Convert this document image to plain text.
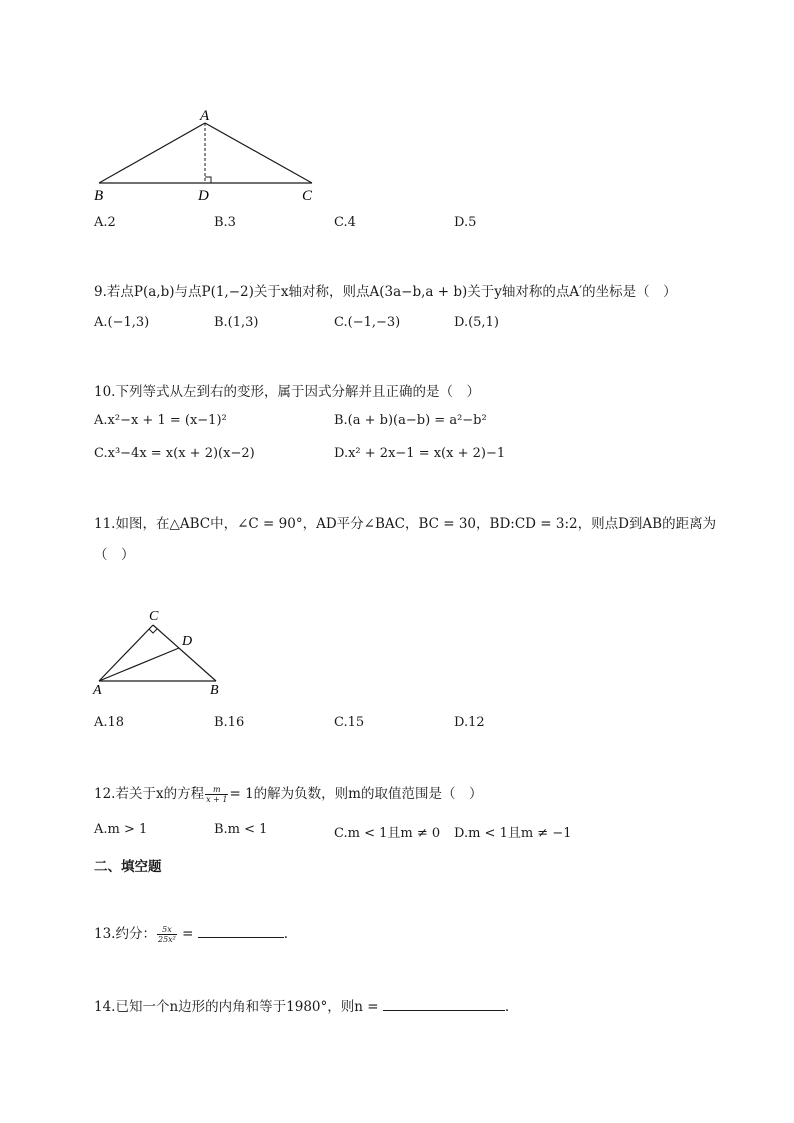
A
B	D	C
A.2	B.3	C.4	D.5
9.若点P(a,b)与点P(1,−2)关于x轴对称，则点A(3a−b,a + b)关于y轴对称的点A′的坐标是（　）
A.(−1,3)	B.(1,3)	C.(−1,−3)	D.(5,1)
10.下列等式从左到右的变形，属于因式分解并且正确的是（　）
A.x²−x + 1 = (x−1)²	B.(a + b)(a−b) = a²−b²
C.x³−4x = x(x + 2)(x−2)	D.x² + 2x−1 = x(x + 2)−1
11.如图，在△ABC中，∠C = 90°，AD平分∠BAC，BC = 30，BD:CD = 3:2，则点D到AB的距离为
（　）
C
D
A	B
A.18	B.16	C.15	D.12
12.若关于x的方程 $\frac{m}{x + 1} = 1$的解为负数，则m的取值范围是（　）
A.m > 1	B.m < 1	C.m < 1且m ≠ 0 D.m < 1且m ≠ −1
二、填空题
13.约分： $\frac{5x}{\text{25x²}}$ =	.
14.已知一个n边形的内角和等于1980°，则n =	.
